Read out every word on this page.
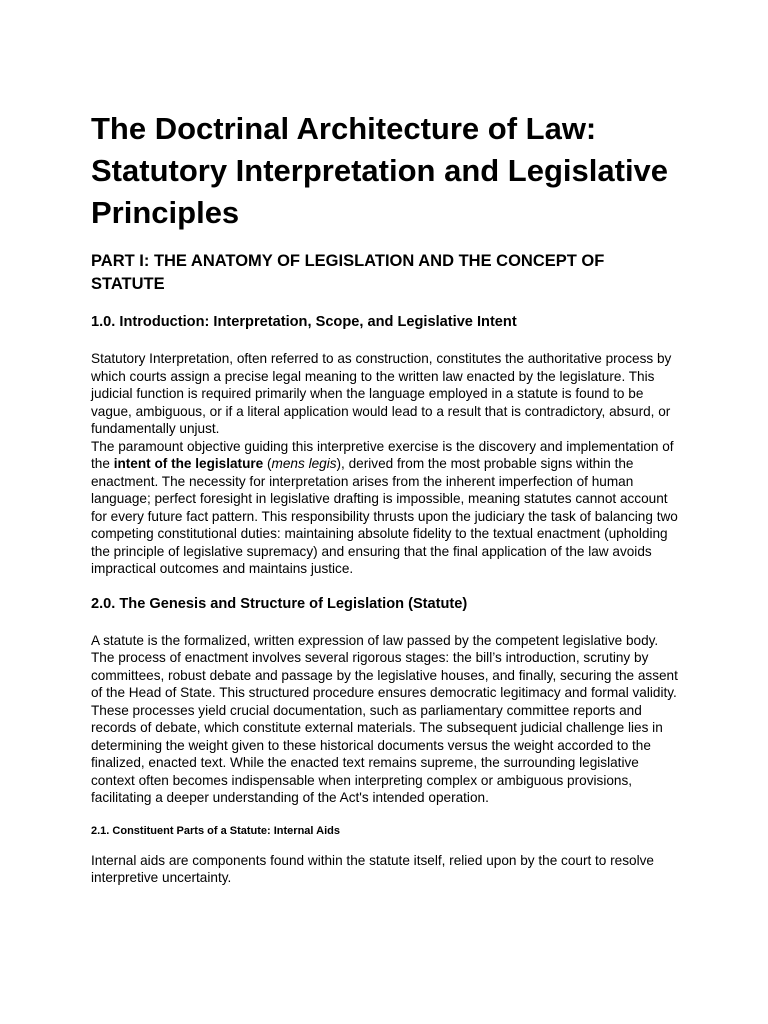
The Doctrinal Architecture of Law: Statutory Interpretation and Legislative Principles
PART I: THE ANATOMY OF LEGISLATION AND THE CONCEPT OF STATUTE
1.0. Introduction: Interpretation, Scope, and Legislative Intent

Statutory Interpretation, often referred to as construction, constitutes the authoritative process by which courts assign a precise legal meaning to the written law enacted by the legislature. This judicial function is required primarily when the language employed in a statute is found to be vague, ambiguous, or if a literal application would lead to a result that is contradictory, absurd, or fundamentally unjust.

The paramount objective guiding this interpretive exercise is the discovery and implementation of the intent of the legislature (mens legis), derived from the most probable signs within the enactment. The necessity for interpretation arises from the inherent imperfection of human language; perfect foresight in legislative drafting is impossible, meaning statutes cannot account for every future fact pattern. This responsibility thrusts upon the judiciary the task of balancing two competing constitutional duties: maintaining absolute fidelity to the textual enactment (upholding the principle of legislative supremacy) and ensuring that the final application of the law avoids impractical outcomes and maintains justice.

2.0. The Genesis and Structure of Legislation (Statute)

A statute is the formalized, written expression of law passed by the competent legislative body. The process of enactment involves several rigorous stages: the bill’s introduction, scrutiny by committees, robust debate and passage by the legislative houses, and finally, securing the assent of the Head of State. This structured procedure ensures democratic legitimacy and formal validity.

These processes yield crucial documentation, such as parliamentary committee reports and records of debate, which constitute external materials. The subsequent judicial challenge lies in determining the weight given to these historical documents versus the weight accorded to the finalized, enacted text. While the enacted text remains supreme, the surrounding legislative context often becomes indispensable when interpreting complex or ambiguous provisions, facilitating a deeper understanding of the Act's intended operation.

2.1. Constituent Parts of a Statute: Internal Aids

Internal aids are components found within the statute itself, relied upon by the court to resolve interpretive uncertainty.
